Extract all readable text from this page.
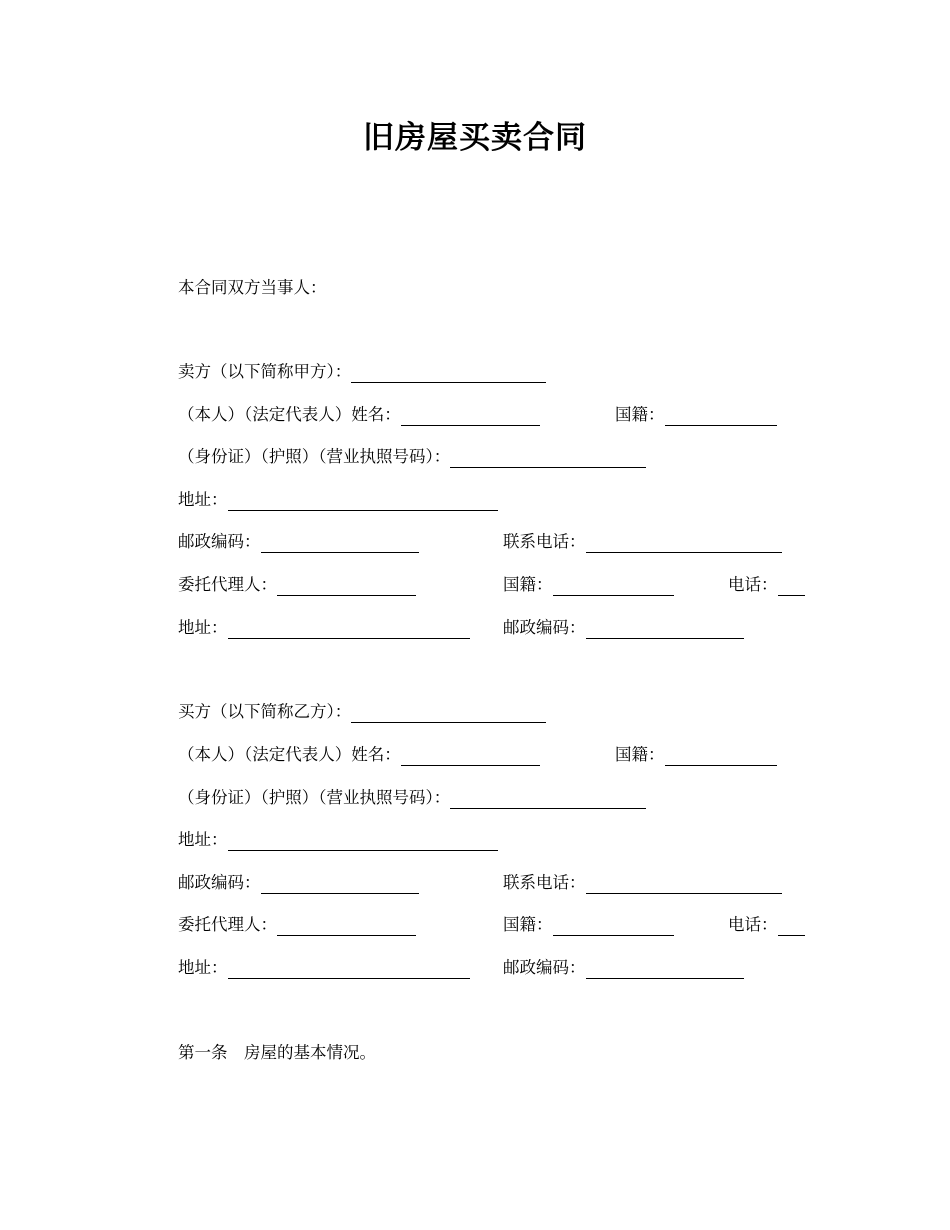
旧房屋买卖合同
本合同双方当事人：
卖方（以下简称甲方）：
（本人）（法定代表人）姓名：	国籍：
（身份证）（护照）（营业执照号码）：
地址：
邮政编码：	联系电话：
委托代理人：	国籍：	电话：
地址：	邮政编码：
买方（以下简称乙方）：
（本人）（法定代表人）姓名：	国籍：
（身份证）（护照）（营业执照号码）：
地址：
邮政编码：	联系电话：
委托代理人：	国籍：	电话：
地址：	邮政编码：
第一条　房屋的基本情况。
